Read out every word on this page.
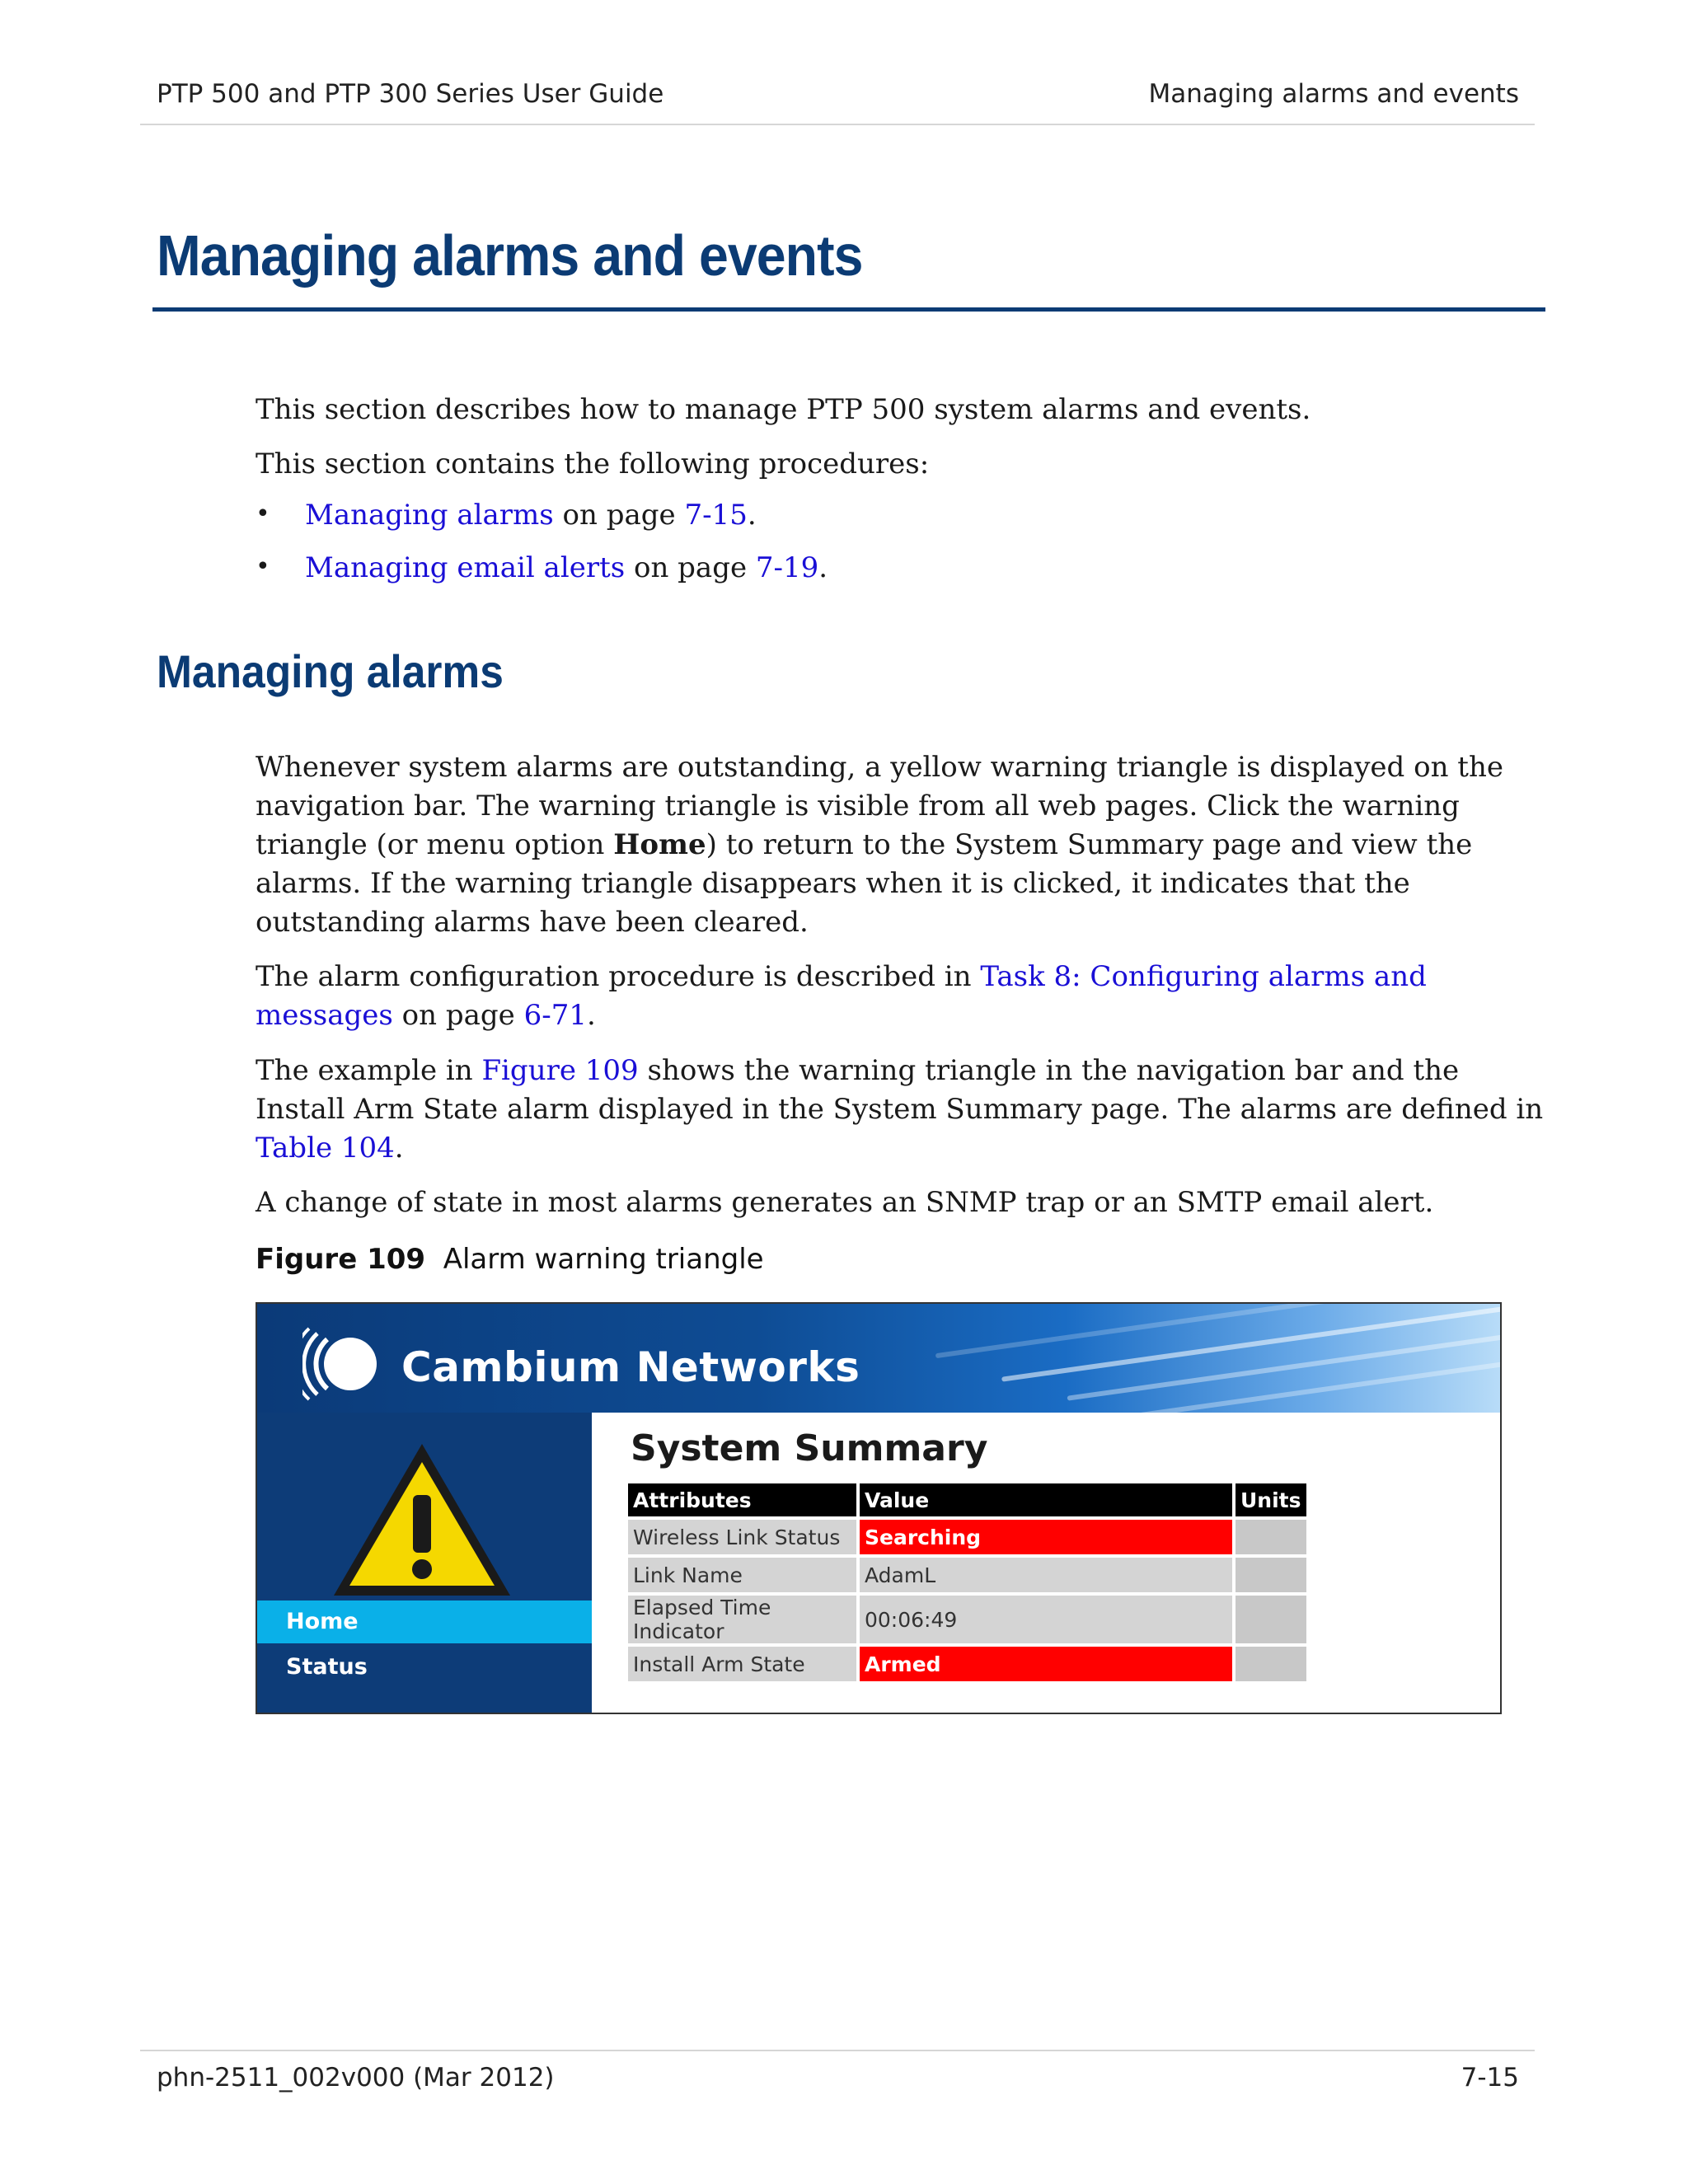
PTP 500 and PTP 300 Series User Guide	Managing alarms and events
Managing alarms and events

This section describes how to manage PTP 500 system alarms and events.

This section contains the following procedures:

• Managing alarms on page 7-15.
• Managing email alerts on page 7-19.
Managing alarms

Whenever system alarms are outstanding, a yellow warning triangle is displayed on the navigation bar. The warning triangle is visible from all web pages. Click the warning triangle (or menu option Home) to return to the System Summary page and view the alarms. If the warning triangle disappears when it is clicked, it indicates that the outstanding alarms have been cleared.

The alarm configuration procedure is described in Task 8: Configuring alarms and messages on page 6-71.

The example in Figure 109 shows the warning triangle in the navigation bar and the Install Arm State alarm displayed in the System Summary page. The alarms are defined in Table 104.

A change of state in most alarms generates an SNMP trap or an SMTP email alert.

Figure 109 Alarm warning triangle
Cambium Networks
Home
Status
System Summary
Attributes	Value	Units
Wireless Link Status	Searching	
Link Name	AdamL	
Elapsed Time Indicator	00:06:49	
Install Arm State	Armed	
phn-2511_002v000 (Mar 2012)	7-15
